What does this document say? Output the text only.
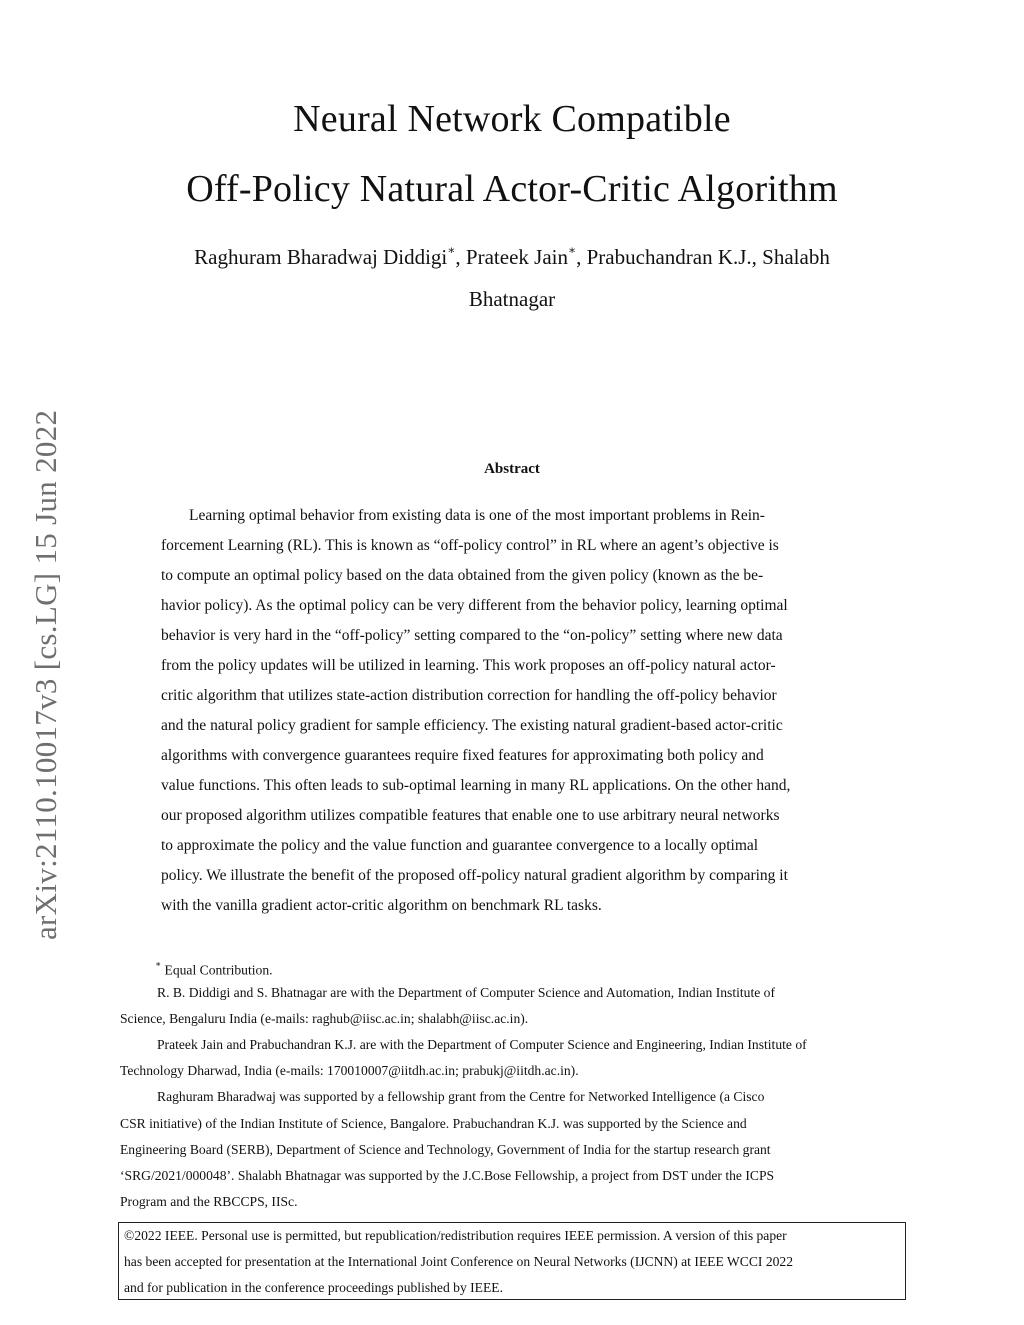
Neural Network Compatible
Off-Policy Natural Actor-Critic Algorithm
Raghuram Bharadwaj Diddigi∗, Prateek Jain∗, Prabuchandran K.J., Shalabh
Bhatnagar
arXiv:2110.10017v3 [cs.LG] 15 Jun 2022	Abstract
Learning optimal behavior from existing data is one of the most important problems in Rein-
forcement Learning (RL). This is known as “off-policy control” in RL where an agent’s objective is
to compute an optimal policy based on the data obtained from the given policy (known as the be-
havior policy). As the optimal policy can be very different from the behavior policy, learning optimal
behavior is very hard in the “off-policy” setting compared to the “on-policy” setting where new data
from the policy updates will be utilized in learning. This work proposes an off-policy natural actor-
critic algorithm that utilizes state-action distribution correction for handling the off-policy behavior
and the natural policy gradient for sample efficiency. The existing natural gradient-based actor-critic
algorithms with convergence guarantees require fixed features for approximating both policy and
value functions. This often leads to sub-optimal learning in many RL applications. On the other hand,
our proposed algorithm utilizes compatible features that enable one to use arbitrary neural networks
to approximate the policy and the value function and guarantee convergence to a locally optimal
policy. We illustrate the benefit of the proposed off-policy natural gradient algorithm by comparing it
with the vanilla gradient actor-critic algorithm on benchmark RL tasks.
∗ Equal Contribution.
R. B. Diddigi and S. Bhatnagar are with the Department of Computer Science and Automation, Indian Institute of
Science, Bengaluru India (e-mails: raghub@iisc.ac.in; shalabh@iisc.ac.in).
Prateek Jain and Prabuchandran K.J. are with the Department of Computer Science and Engineering, Indian Institute of
Technology Dharwad, India (e-mails: 170010007@iitdh.ac.in; prabukj@iitdh.ac.in).
Raghuram Bharadwaj was supported by a fellowship grant from the Centre for Networked Intelligence (a Cisco
CSR initiative) of the Indian Institute of Science, Bangalore. Prabuchandran K.J. was supported by the Science and
Engineering Board (SERB), Department of Science and Technology, Government of India for the startup research grant
‘SRG/2021/000048’. Shalabh Bhatnagar was supported by the J.C.Bose Fellowship, a project from DST under the ICPS
Program and the RBCCPS, IISc.
©2022 IEEE. Personal use is permitted, but republication/redistribution requires IEEE permission. A version of this paper
has been accepted for presentation at the International Joint Conference on Neural Networks (IJCNN) at IEEE WCCI 2022
and for publication in the conference proceedings published by IEEE.
